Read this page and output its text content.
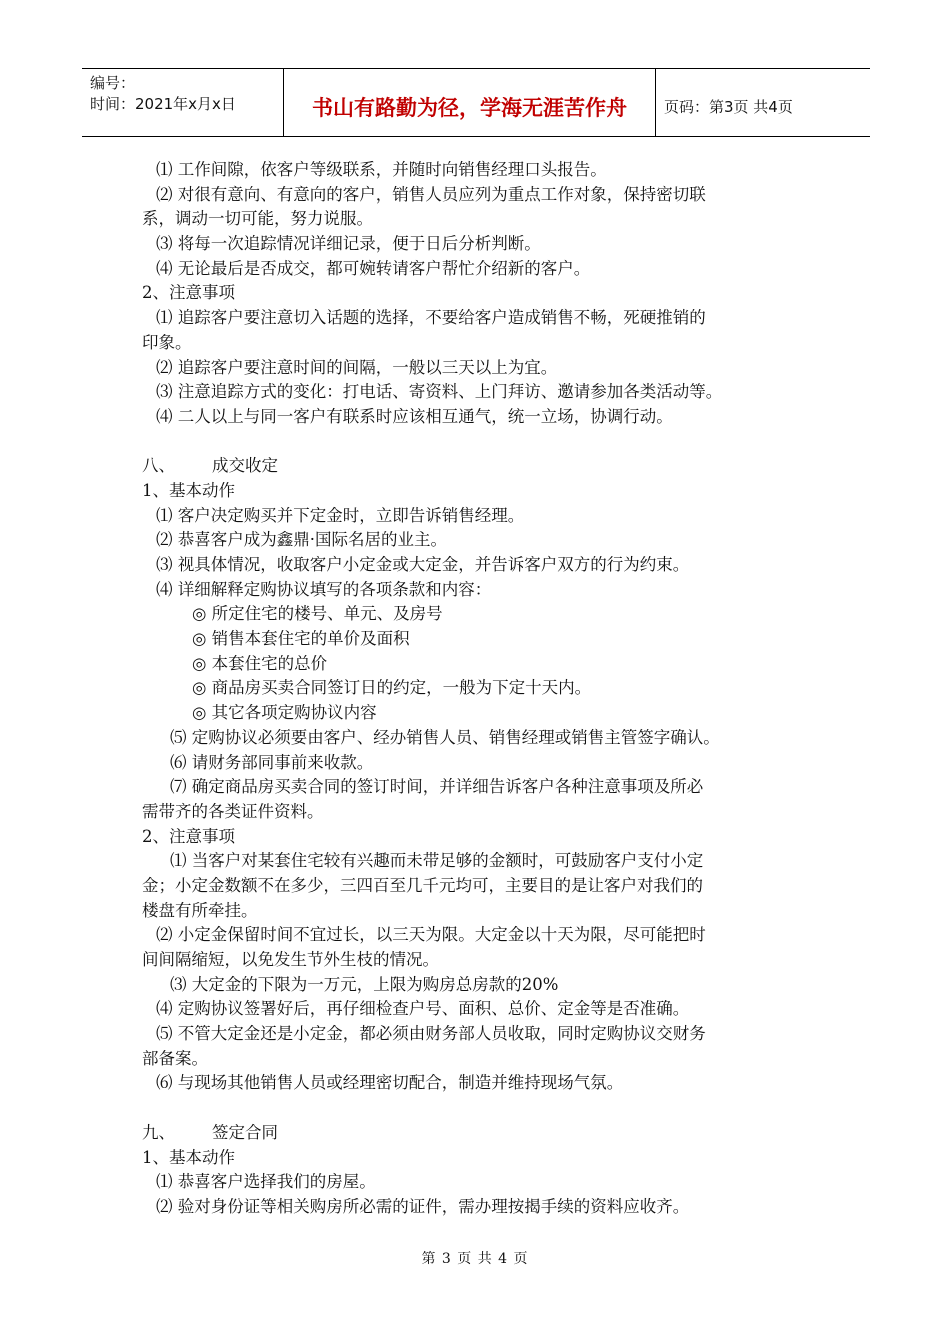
编号：
时间：2021年x月x日	书山有路勤为径，学海无涯苦作舟	页码：第3页 共4页
⑴ 工作间隙，依客户等级联系，并随时向销售经理口头报告。
⑵ 对很有意向、有意向的客户，销售人员应列为重点工作对象，保持密切联
系，调动一切可能，努力说服。
⑶ 将每一次追踪情况详细记录，便于日后分析判断。
⑷ 无论最后是否成交，都可婉转请客户帮忙介绍新的客户。
2、注意事项
⑴ 追踪客户要注意切入话题的选择，不要给客户造成销售不畅，死硬推销的
印象。
⑵ 追踪客户要注意时间的间隔，一般以三天以上为宜。
⑶ 注意追踪方式的变化：打电话、寄资料、上门拜访、邀请参加各类活动等。
⑷ 二人以上与同一客户有联系时应该相互通气，统一立场，协调行动。
八、 成交收定
1、基本动作
⑴ 客户决定购买并下定金时，立即告诉销售经理。
⑵ 恭喜客户成为鑫鼎·国际名居的业主。
⑶ 视具体情况，收取客户小定金或大定金，并告诉客户双方的行为约束。
⑷ 详细解释定购协议填写的各项条款和内容：
◎ 所定住宅的楼号、单元、及房号
◎ 销售本套住宅的单价及面积
◎ 本套住宅的总价
◎ 商品房买卖合同签订日的约定，一般为下定十天内。
◎ 其它各项定购协议内容
⑸ 定购协议必须要由客户、经办销售人员、销售经理或销售主管签字确认。
⑹ 请财务部同事前来收款。
⑺ 确定商品房买卖合同的签订时间，并详细告诉客户各种注意事项及所必
需带齐的各类证件资料。
2、注意事项
⑴ 当客户对某套住宅较有兴趣而未带足够的金额时，可鼓励客户支付小定
金；小定金数额不在多少，三四百至几千元均可，主要目的是让客户对我们的
楼盘有所牵挂。
⑵ 小定金保留时间不宜过长，以三天为限。大定金以十天为限，尽可能把时
间间隔缩短，以免发生节外生枝的情况。
⑶ 大定金的下限为一万元，上限为购房总房款的20%
⑷ 定购协议签署好后，再仔细检查户号、面积、总价、定金等是否准确。
⑸ 不管大定金还是小定金，都必须由财务部人员收取，同时定购协议交财务
部备案。
⑹ 与现场其他销售人员或经理密切配合，制造并维持现场气氛。
九、 签定合同
1、基本动作
⑴ 恭喜客户选择我们的房屋。
⑵ 验对身份证等相关购房所必需的证件，需办理按揭手续的资料应收齐。
第 3 页 共 4 页
